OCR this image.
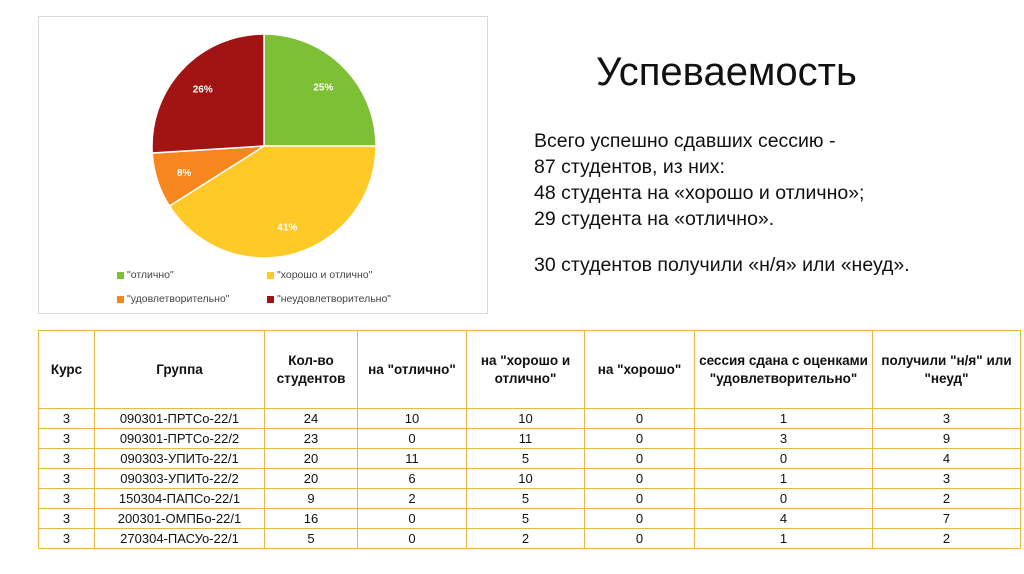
25%
41%
8%
26%
"отлично"	"хорошо и отлично"
"удовлетворительно"	"неудовлетворительно"
Успеваемость
Всего успешно сдавших сессию -
87 студентов, из них:
48 студента на «хорошо и отлично»;
29 студента на «отлично».
30 студентов получили «н/я» или «неуд».
Курс	Группа	Кол-во студентов	на "отлично"	на "хорошо и отлично"	на "хорошо"	сессия сдана с оценками "удовлетворительно"	получили "н/я" или "неуд"
3	090301-ПРТСо-22/1	24	10	10	0	1	3
3	090301-ПРТСо-22/2	23	0	11	0	3	9
3	090303-УПИТо-22/1	20	11	5	0	0	4
3	090303-УПИТо-22/2	20	6	10	0	1	3
3	150304-ПАПСо-22/1	9	2	5	0	0	2
3	200301-ОМПБо-22/1	16	0	5	0	4	7
3	270304-ПАСУо-22/1	5	0	2	0	1	2
